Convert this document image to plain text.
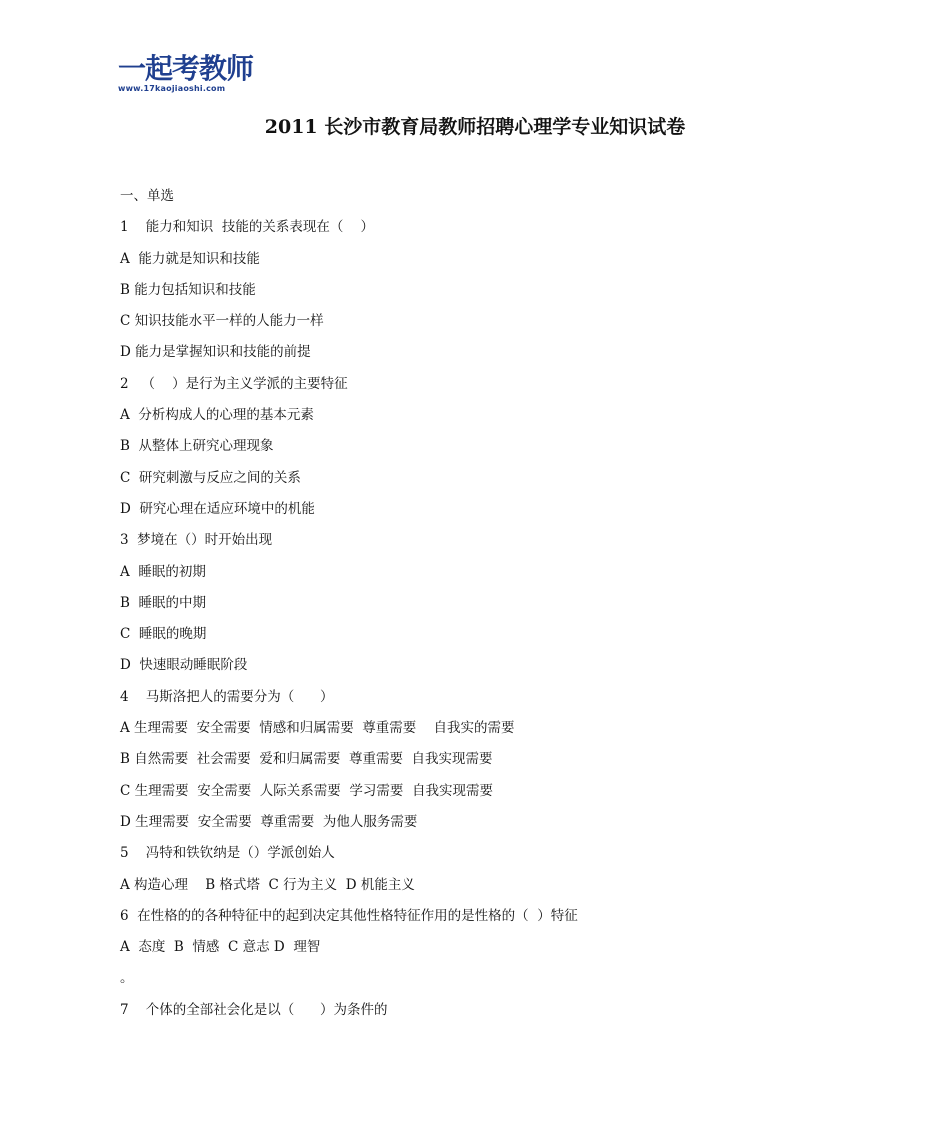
一起考教师
www.17kaojiaoshi.com
2011 长沙市教育局教师招聘心理学专业知识试卷
一、单选
1    能力和知识  技能的关系表现在（    ）
A  能力就是知识和技能
B 能力包括知识和技能
C 知识技能水平一样的人能力一样
D 能力是掌握知识和技能的前提
2   （    ）是行为主义学派的主要特征
A  分析构成人的心理的基本元素
B  从整体上研究心理现象
C  研究刺激与反应之间的关系
D  研究心理在适应环境中的机能
3  梦境在（）时开始出现
A  睡眠的初期
B  睡眠的中期
C  睡眠的晚期
D  快速眼动睡眠阶段
4    马斯洛把人的需要分为（      ）
A 生理需要  安全需要  情感和归属需要  尊重需要    自我实的需要
B 自然需要  社会需要  爱和归属需要  尊重需要  自我实现需要
C 生理需要  安全需要  人际关系需要  学习需要  自我实现需要
D 生理需要  安全需要  尊重需要  为他人服务需要
5    冯特和铁钦纳是（）学派创始人
A 构造心理    B 格式塔  C 行为主义  D 机能主义
6  在性格的的各种特征中的起到决定其他性格特征作用的是性格的（  ）特征
A  态度  B  情感  C 意志 D  理智
。
7    个体的全部社会化是以（      ）为条件的
